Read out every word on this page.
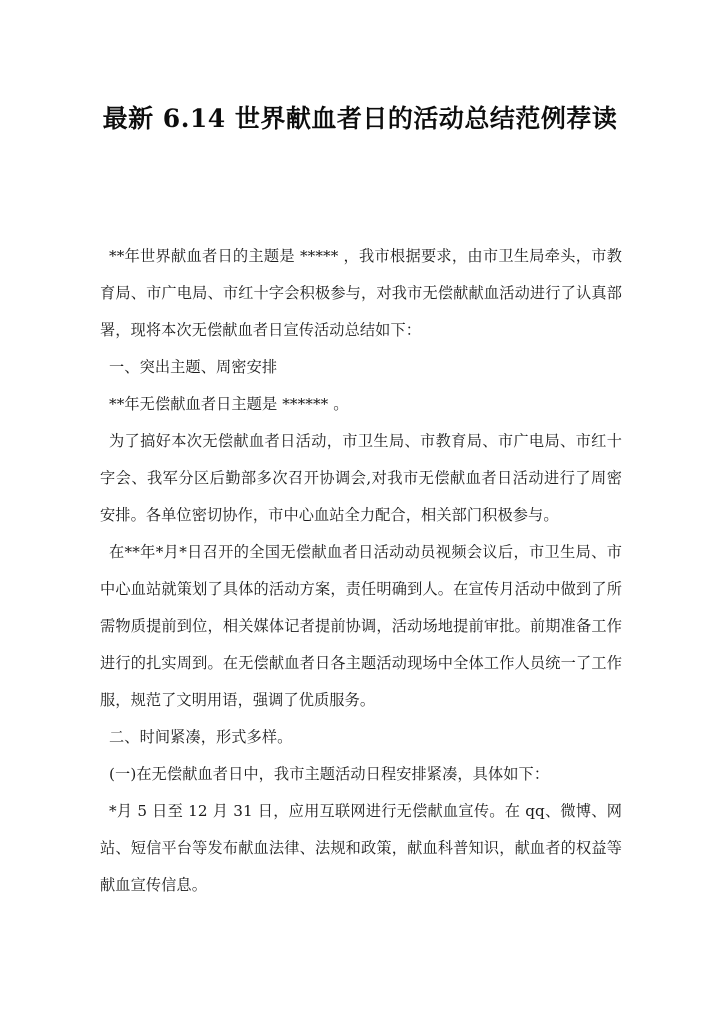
最新 6.14 世界献血者日的活动总结范例荐读

**年世界献血者日的主题是 ***** ，我市根据要求，由市卫生局牵头，市教育局、市广电局、市红十字会积极参与，对我市无偿献献血活动进行了认真部署，现将本次无偿献血者日宣传活动总结如下：

一、突出主题、周密安排

**年无偿献血者日主题是 ****** 。

为了搞好本次无偿献血者日活动，市卫生局、市教育局、市广电局、市红十字会、我军分区后勤部多次召开协调会,对我市无偿献血者日活动进行了周密安排。各单位密切协作，市中心血站全力配合，相关部门积极参与。

在**年*月*日召开的全国无偿献血者日活动动员视频会议后，市卫生局、市中心血站就策划了具体的活动方案，责任明确到人。在宣传月活动中做到了所需物质提前到位，相关媒体记者提前协调，活动场地提前审批。前期准备工作进行的扎实周到。在无偿献血者日各主题活动现场中全体工作人员统一了工作服，规范了文明用语，强调了优质服务。

二、时间紧凑，形式多样。

(一)在无偿献血者日中，我市主题活动日程安排紧凑，具体如下：

*月 5 日至 12 月 31 日，应用互联网进行无偿献血宣传。在 qq、微博、网站、短信平台等发布献血法律、法规和政策，献血科普知识，献血者的权益等献血宣传信息。
